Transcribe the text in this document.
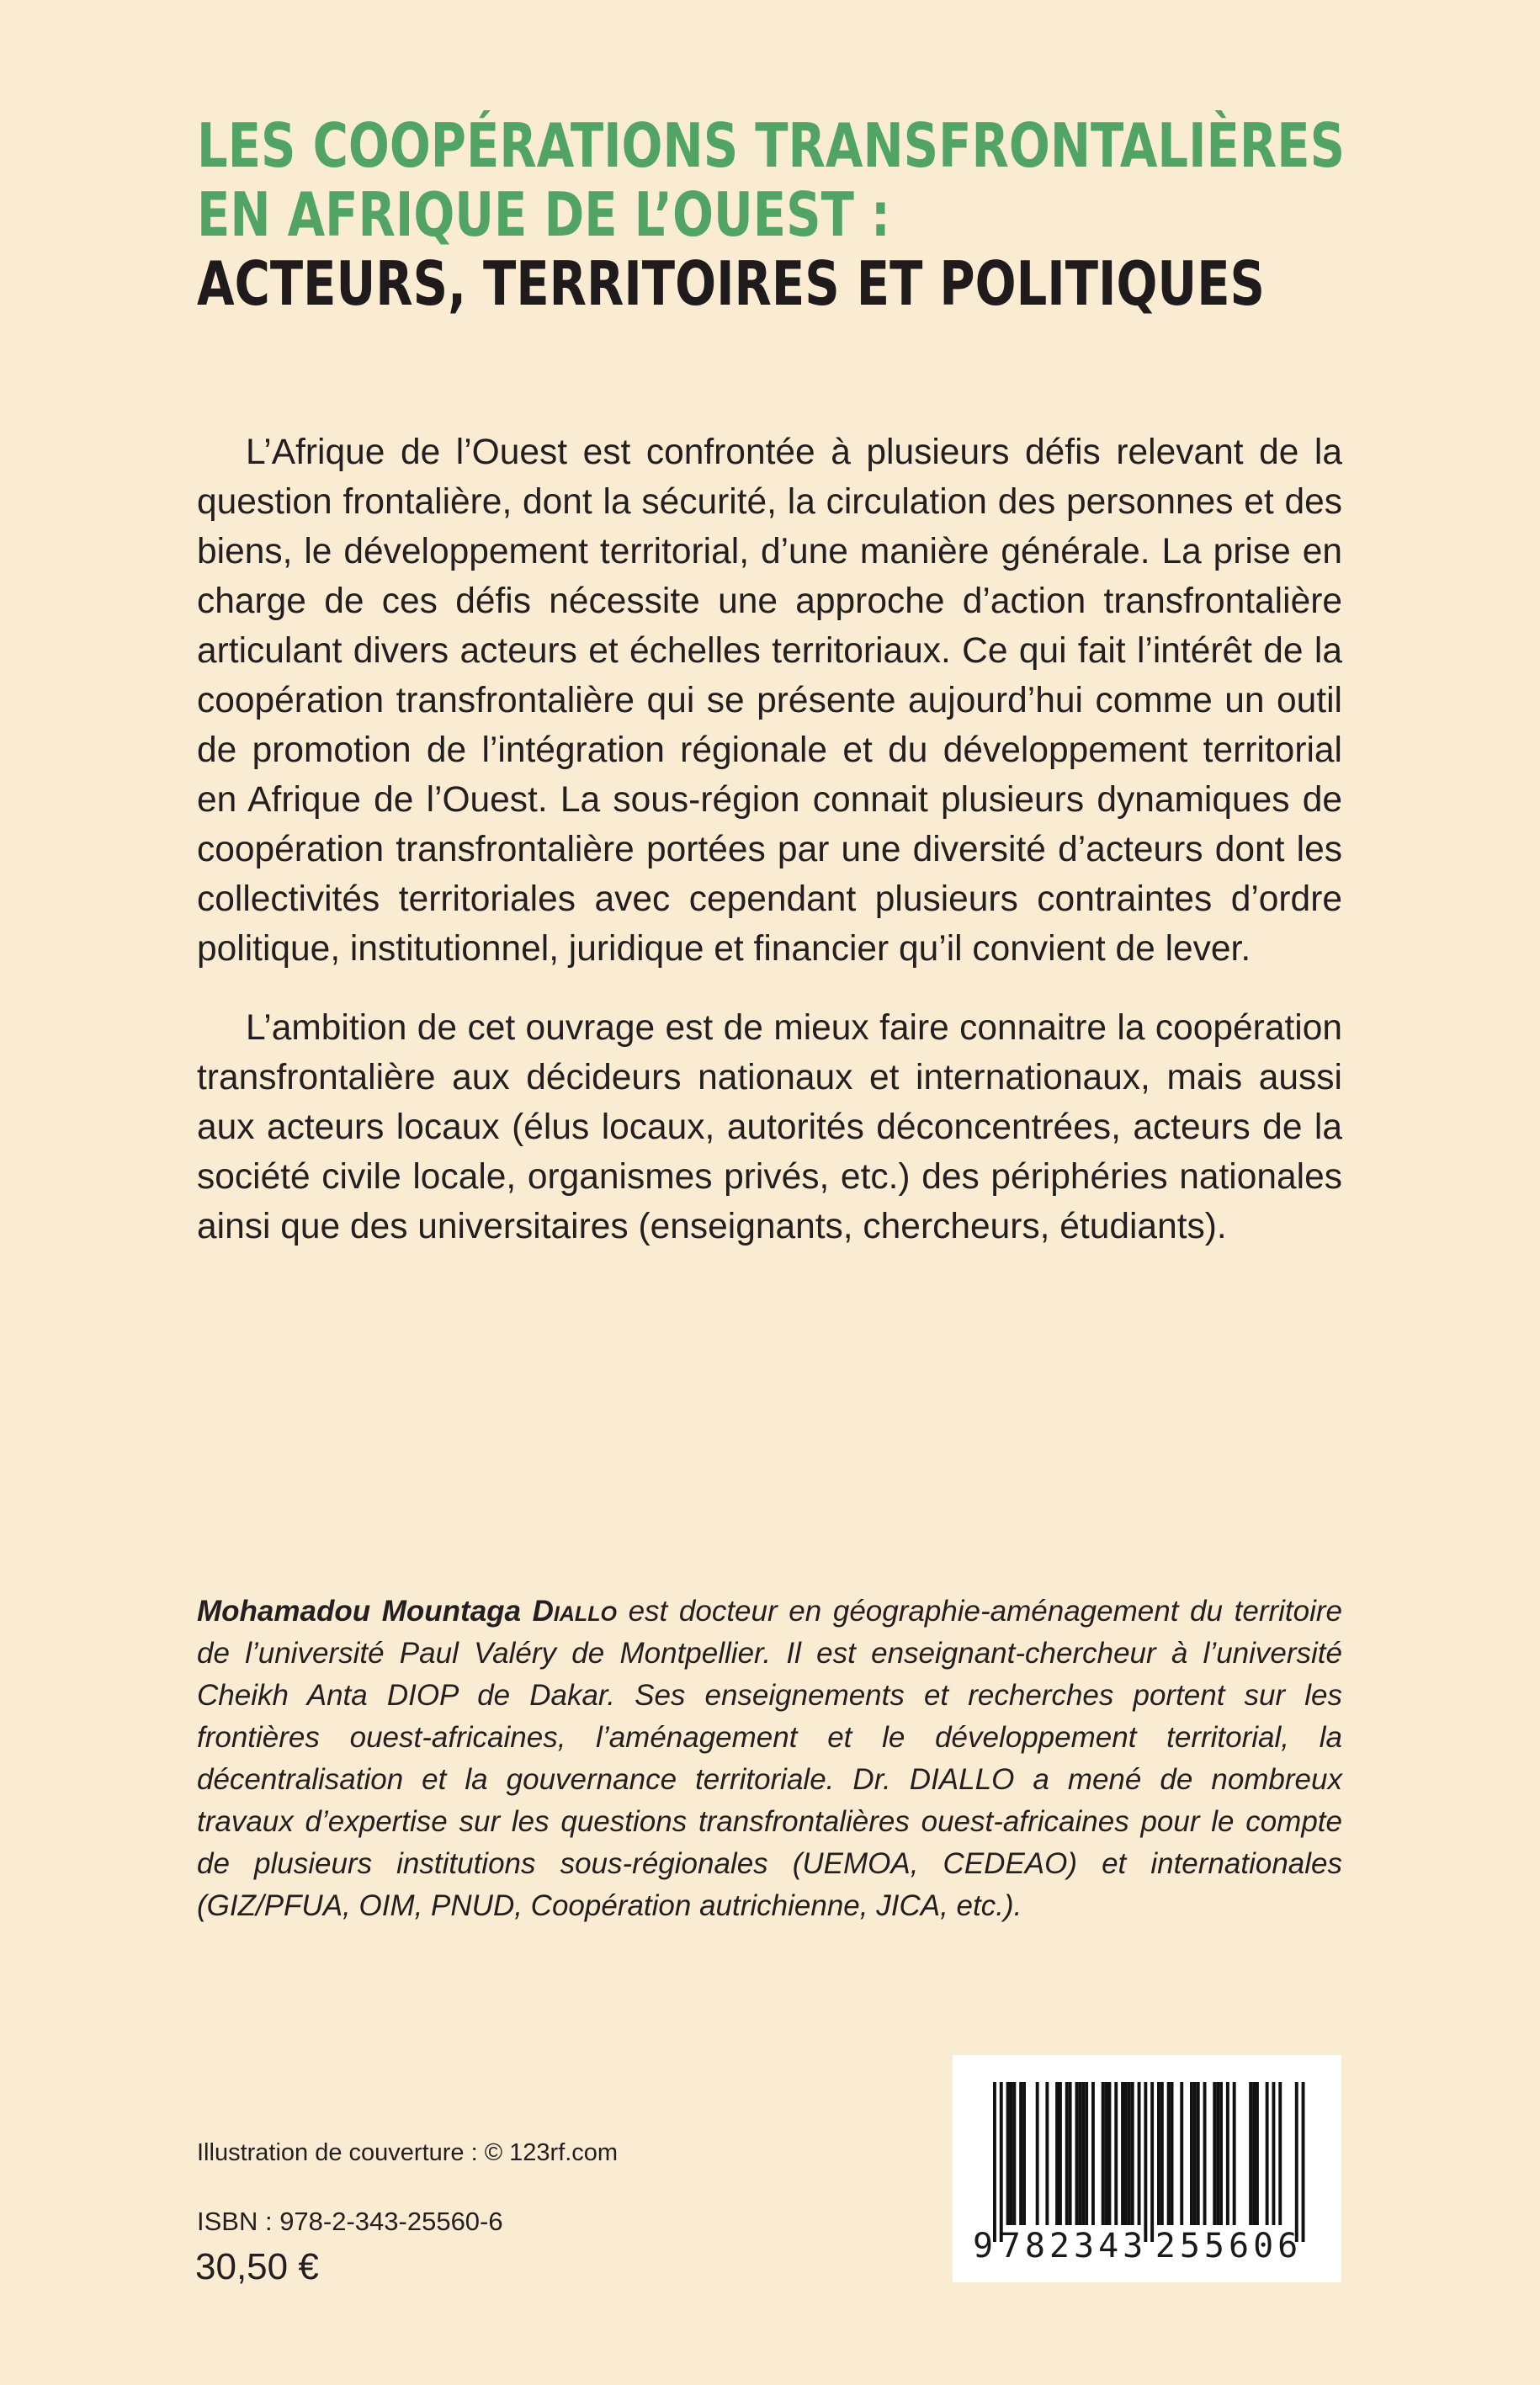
LES COOPÉRATIONS TRANSFRONTALIÈRES
EN AFRIQUE DE L’OUEST :
ACTEURS, TERRITOIRES ET POLITIQUES

L’Afrique de l’Ouest est confrontée à plusieurs défis relevant de la question frontalière, dont la sécurité, la circulation des personnes et des biens, le développement territorial, d’une manière générale. La prise en charge de ces défis nécessite une approche d’action transfrontalière articulant divers acteurs et échelles territoriaux. Ce qui fait l’intérêt de la coopération transfrontalière qui se présente aujourd’hui comme un outil de promotion de l’intégration régionale et du développement territorial en Afrique de l’Ouest. La sous-région connait plusieurs dynamiques de coopération transfrontalière portées par une diversité d’acteurs dont les collectivités territoriales avec cependant plusieurs contraintes d’ordre politique, institutionnel, juridique et financier qu’il convient de lever.

L’ambition de cet ouvrage est de mieux faire connaitre la coopération transfrontalière aux décideurs nationaux et internationaux, mais aussi aux acteurs locaux (élus locaux, autorités déconcentrées, acteurs de la société civile locale, organismes privés, etc.) des périphéries nationales ainsi que des universitaires (enseignants, chercheurs, étudiants).

Mohamadou Mountaga Diallo est docteur en géographie-aménagement du territoire de l’université Paul Valéry de Montpellier. Il est enseignant-chercheur à l’université Cheikh Anta DIOP de Dakar. Ses enseignements et recherches portent sur les frontières ouest-africaines, l’aménagement et le développement territorial, la décentralisation et la gouvernance territoriale. Dr. DIALLO a mené de nombreux travaux d’expertise sur les questions transfrontalières ouest-africaines pour le compte de plusieurs institutions sous-régionales (UEMOA, CEDEAO) et internationales (GIZ/PFUA, OIM, PNUD, Coopération autrichienne, JICA, etc.).
Illustration de couverture : © 123rf.com
ISBN : 978-2-343-25560-6
30,50 €	9 782343 255606
